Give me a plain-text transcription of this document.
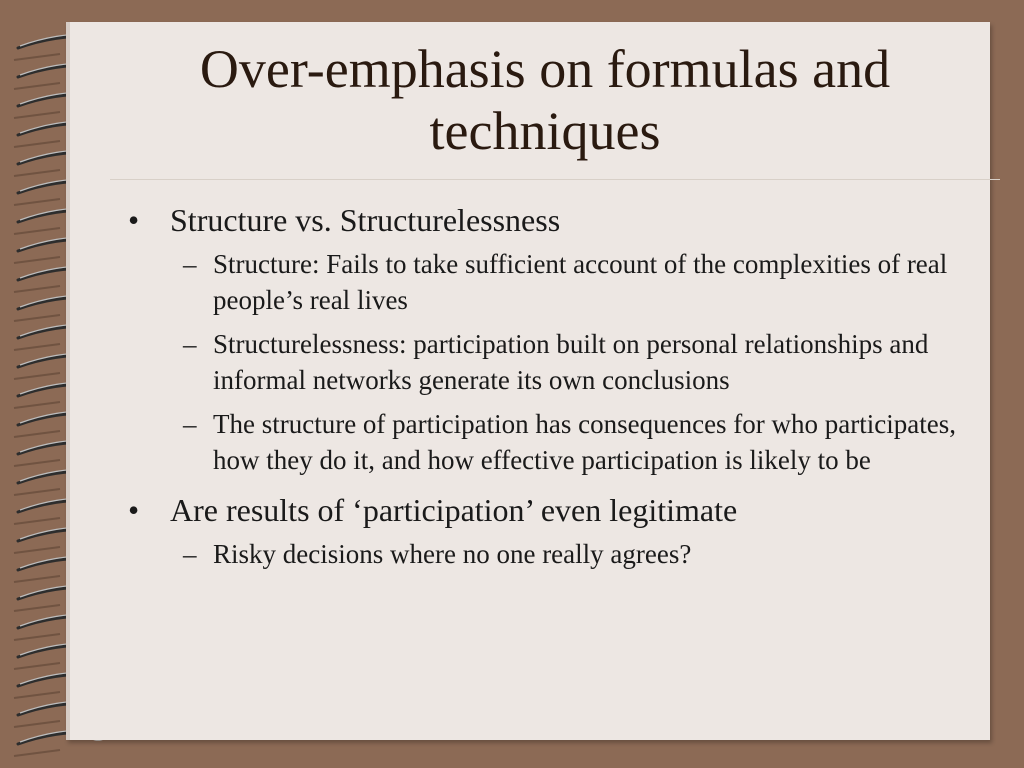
Over-emphasis on formulas and techniques
• Structure vs. Structurelessness
– Structure: Fails to take sufficient account of the complexities of real people’s real lives
– Structurelessness: participation built on personal relationships and informal networks generate its own conclusions
– The structure of participation has consequences for who participates, how they do it, and how effective participation is likely to be
• Are results of ‘participation’ even legitimate
– Risky decisions where no one really agrees?
